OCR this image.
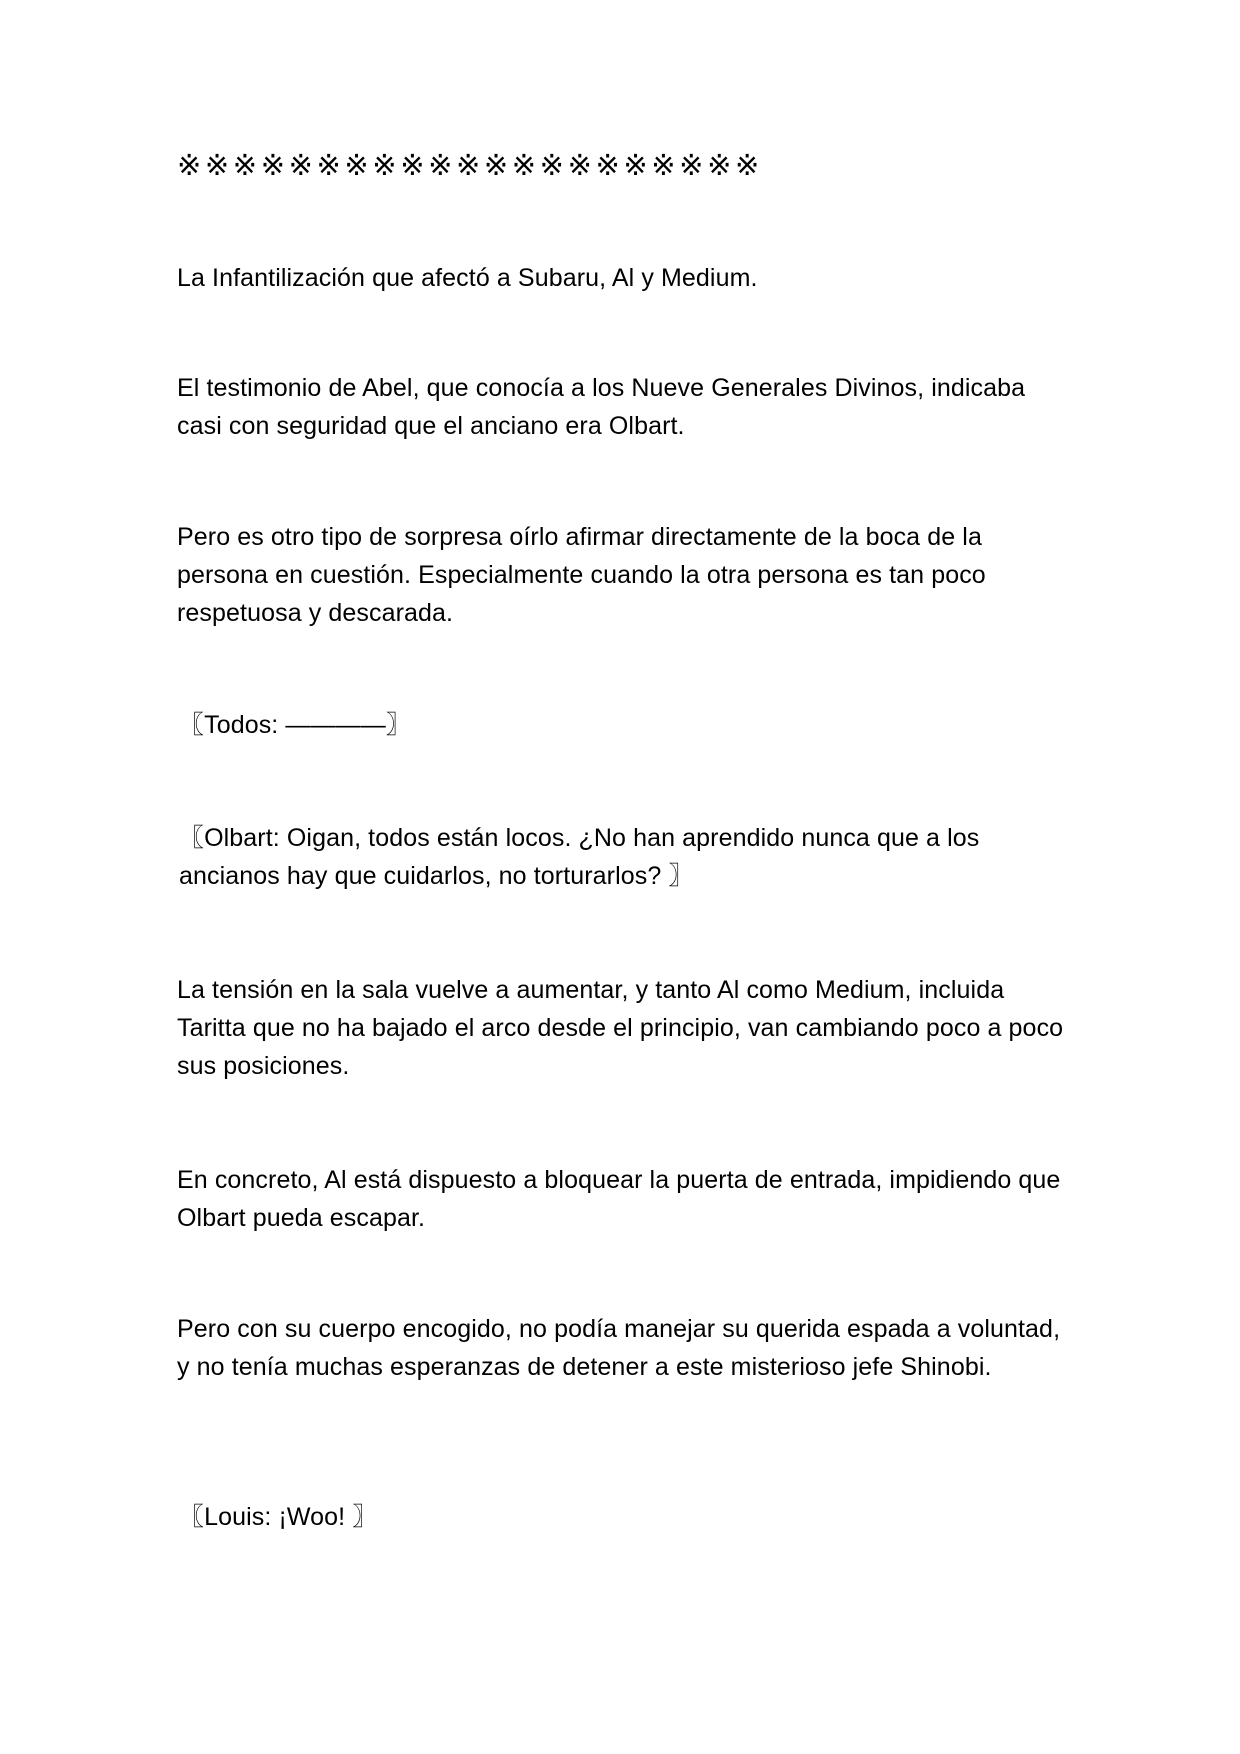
※※※※※※※※※※※※※※※※※※※※※
La Infantilización que afectó a Subaru, Al y Medium.
El testimonio de Abel, que conocía a los Nueve Generales Divinos, indicaba casi con seguridad que el anciano era Olbart.
Pero es otro tipo de sorpresa oírlo afirmar directamente de la boca de la persona en cuestión. Especialmente cuando la otra persona es tan poco respetuosa y descarada.
〖Todos: ————〗
〖Olbart: Oigan, todos están locos. ¿No han aprendido nunca que a los ancianos hay que cuidarlos, no torturarlos? 〗
La tensión en la sala vuelve a aumentar, y tanto Al como Medium, incluida Taritta que no ha bajado el arco desde el principio, van cambiando poco a poco sus posiciones.
En concreto, Al está dispuesto a bloquear la puerta de entrada, impidiendo que Olbart pueda escapar.
Pero con su cuerpo encogido, no podía manejar su querida espada a voluntad, y no tenía muchas esperanzas de detener a este misterioso jefe Shinobi.
〖Louis: ¡Woo! 〗
